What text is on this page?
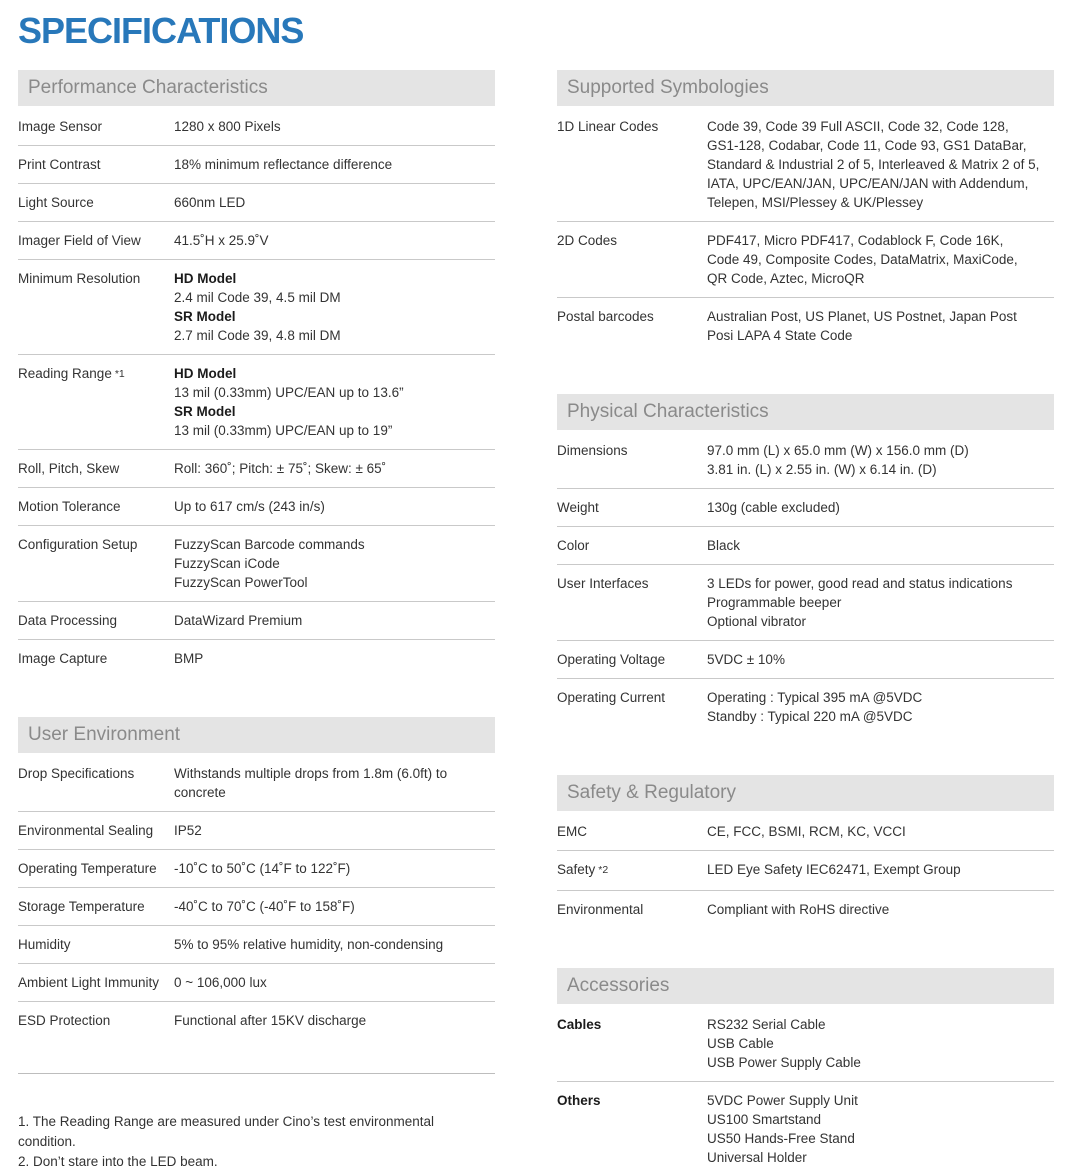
SPECIFICATIONS
Performance Characteristics
Image Sensor	1280 x 800 Pixels
Print Contrast	18% minimum reflectance difference
Light Source	660nm LED
Imager Field of View	41.5˚H x 25.9˚V
Minimum Resolution	HD Model
2.4 mil Code 39, 4.5 mil DM
SR Model
2.7 mil Code 39, 4.8 mil DM
Reading Range *1	HD Model
13 mil (0.33mm) UPC/EAN up to 13.6”
SR Model
13 mil (0.33mm) UPC/EAN up to 19”
Roll, Pitch, Skew	Roll: 360˚; Pitch: ± 75˚; Skew: ± 65˚
Motion Tolerance	Up to 617 cm/s (243 in/s)
Configuration Setup	FuzzyScan Barcode commands
FuzzyScan iCode
FuzzyScan PowerTool
Data Processing	DataWizard Premium
Image Capture	BMP
User Environment
Drop Specifications	Withstands multiple drops from 1.8m (6.0ft) to concrete
Environmental Sealing	IP52
Operating Temperature	-10˚C to 50˚C (14˚F to 122˚F)
Storage Temperature	-40˚C to 70˚C (-40˚F to 158˚F)
Humidity	5% to 95% relative humidity, non-condensing
Ambient Light Immunity	0 ~ 106,000 lux
ESD Protection	Functional after 15KV discharge
1. The Reading Range are measured under Cino’s test environmental condition.
2. Don’t stare into the LED beam.
Supported Symbologies
1D Linear Codes	Code 39, Code 39 Full ASCII, Code 32, Code 128,
GS1-128, Codabar, Code 11, Code 93, GS1 DataBar,
Standard & Industrial 2 of 5, Interleaved & Matrix 2 of 5,
IATA, UPC/EAN/JAN, UPC/EAN/JAN with Addendum,
Telepen, MSI/Plessey & UK/Plessey
2D Codes	PDF417, Micro PDF417, Codablock F, Code 16K,
Code 49, Composite Codes, DataMatrix, MaxiCode,
QR Code, Aztec, MicroQR
Postal barcodes	Australian Post, US Planet, US Postnet, Japan Post
Posi LAPA 4 State Code
Physical Characteristics
Dimensions	97.0 mm (L) x 65.0 mm (W) x 156.0 mm (D)
3.81 in. (L) x 2.55 in. (W) x 6.14 in. (D)
Weight	130g (cable excluded)
Color	Black
User Interfaces	3 LEDs for power, good read and status indications
Programmable beeper
Optional vibrator
Operating Voltage	5VDC ± 10%
Operating Current	Operating : Typical 395 mA @5VDC
Standby : Typical 220 mA @5VDC
Safety & Regulatory
EMC	CE, FCC, BSMI, RCM, KC, VCCI
Safety *2	LED Eye Safety IEC62471, Exempt Group
Environmental	Compliant with RoHS directive
Accessories
Cables	RS232 Serial Cable
USB Cable
USB Power Supply Cable
Others	5VDC Power Supply Unit
US100 Smartstand
US50 Hands-Free Stand
Universal Holder
